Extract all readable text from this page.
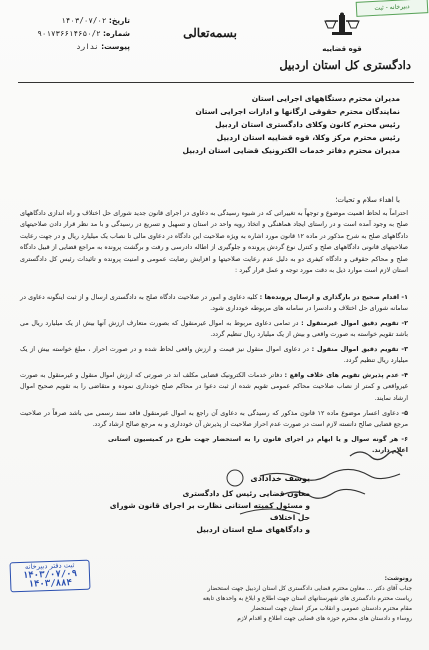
دبیرخانه - ثبت
قوه قضاییه
دادگستری کل استان اردبیل
بسمه‌تعالی
تاریخ: ۱۴۰۳/۰۷/۰۲
شماره: ۹۰۱۷۳۶۶۱۴۶۵۰/۲
پیوست: ندارد
مدیران محترم دستگاههای اجرایی استان
نمایندگان محترم حقوقی ارگانها و ادارات اجرایی استان
رئیس محترم کانون وکلای دادگستری استان اردبیل
رئیس محترم مرکز وکلا، قوه قضاییه استان اردبیل
مدیران محترم دفاتر خدمات الکترونیک قضایی استان اردبیل
با اهداء سلام و تحیات؛
احتراماً به لحاظ اهمیت موضوع و توجهاً به تغییراتی که در شیوه رسیدگی به دعاوی در اجرای قانون جدید شورای حل اختلاف و راه اندازی دادگاههای صلح به وجود آمده است و در راستای ایجاد هماهنگی و اتخاذ رویه واحد در استان و تسهیل و تسریع در رسیدگی و با مد نظر قرار دادن صلاحیتهای دادگاههای صلح به شرح مذکور در ماده ۱۲ قانون مورد اشاره به ویژه صلاحیت این دادگاه در دعاوی مالی تا نصاب یک میلیارد ریال و در جهت رعایت صلاحیتهای قانونی دادگاههای صلح و کنترل نوع گردش پرونده و جلوگیری از اطاله دادرسی و رفت و برگشت پرونده به مراجع قضایی از قبیل دادگاه صلح و محاکم حقوقی و دادگاه کیفری دو به دلیل عدم رعایت صلاحیتها و افزایش رضایت عمومی و امنیت پرونده و تائیدات رئیس کل دادگستری استان لازم است موارد ذیل به دقت مورد توجه و عمل قرار گیرد :
۱- اقدام صحیح در بارگذاری و ارسال پرونده‌ها : کلیه دعاوی و امور در صلاحیت دادگاه صلح به دادگستری ارسال و از ثبت اینگونه دعاوی در سامانه شورای حل اختلاف و دادسرا در سامانه های مربوطه خودداری شود.
۲- تقویم دقیق اموال غیرمنقول : در تمامی دعاوی مربوط به اموال غیرمنقول که بصورت متعارف ارزش آنها بیش از یک میلیارد ریال می باشد تقویم خواسته به صورت واقعی و بیش از یک میلیارد ریال تنظیم گردد.
۳- تقویم دقیق اموال منقول : در دعاوی اموال منقول نیز قیمت و ارزش واقعی لحاظ شده و در صورت احراز ، مبلغ خواسته بیش از یک میلیارد ریال تنظیم گردد.
۴- عدم پذیرش تقویم های خلاف واقع : دفاتر خدمات الکترونیک قضایی مکلف اند در صورتی که ارزش اموال منقول و غیرمنقول به صورت غیرواقعی و کمتر از نصاب صلاحیت محاکم عمومی تقویم شده از ثبت دعوا در محاکم صلح خودداری نموده و متقاضی را به تقویم صحیح اموال ارشاد نمایند.
۵- دعاوی اعسار موضوع ماده ۱۲ قانون مذکور که رسیدگی به دعاوی آن راجع به اموال غیرمنقول فاقد سند رسمی می باشد صرفاً در صلاحیت مرجع قضایی صالح دانسته لازم است در صورت عدم احراز صلاحیت از پذیرش آن خودداری و به مرجع صالح ارشاد گردد.
۶- هر گونه سوال و یا ابهام در اجرای قانون را به استحضار جهت طرح در کمیسیون استانی اعلام دارند.
یوسف خدادادی
معاون قضایی رئیس کل دادگستری
و مسئول کمیته استانی نظارت بر اجرای قانون شورای حل اختلاف
و دادگاههای صلح استان اردبیل
ثبت دفتر دبیرخانه
۱۴۰۳/۰۷/۰۹
۱۴۰۳/۸۸۴	رونوشت:
جناب آقای دکتر ... معاون محترم قضایی دادگستری کل استان اردبیل جهت استحضار
ریاست محترم دادگستری های شهرستانهای استان جهت اطلاع و ابلاغ به واحدهای تابعه
مقام محترم دادستان عمومی و انقلاب مرکز استان جهت استحضار
روساء و دادستان های محترم حوزه های قضایی جهت اطلاع و اقدام لازم
